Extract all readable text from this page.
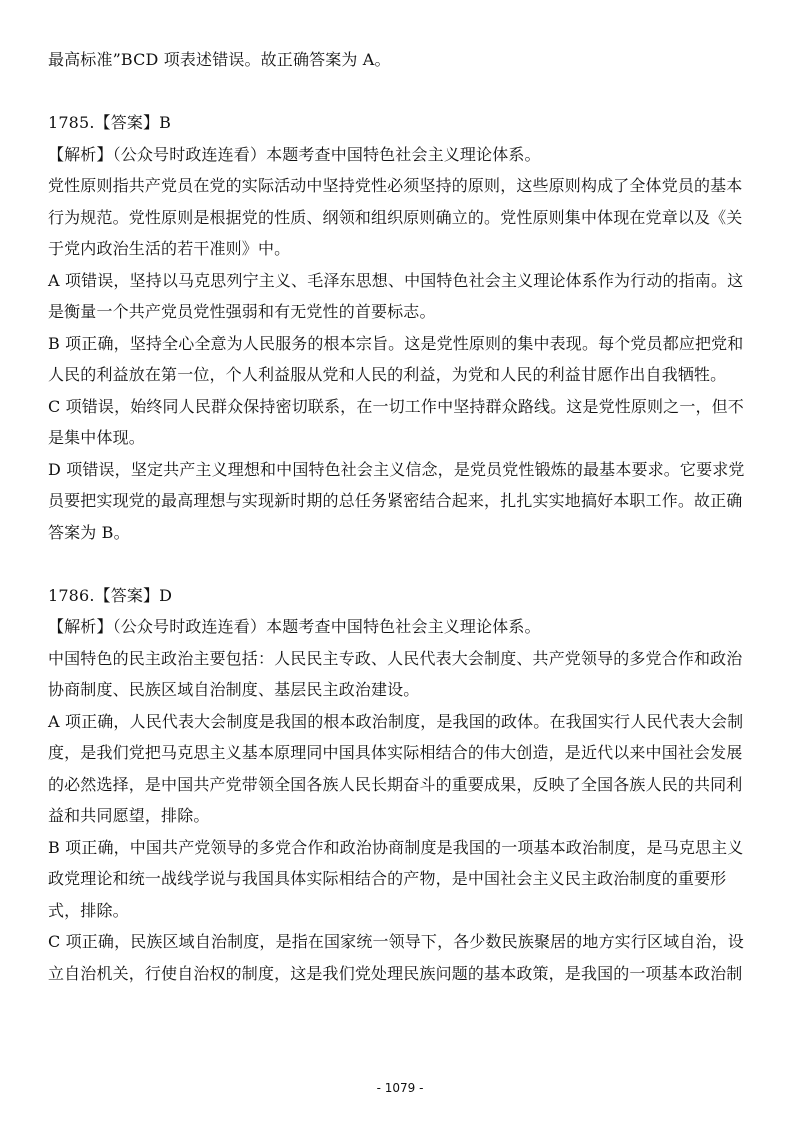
最高标准”BCD 项表述错误。故正确答案为 A。
1785.【答案】B
【解析】（公众号时政连连看）本题考查中国特色社会主义理论体系。
党性原则指共产党员在党的实际活动中坚持党性必须坚持的原则，这些原则构成了全体党员的基本
行为规范。党性原则是根据党的性质、纲领和组织原则确立的。党性原则集中体现在党章以及《关
于党内政治生活的若干准则》中。
A 项错误，坚持以马克思列宁主义、毛泽东思想、中国特色社会主义理论体系作为行动的指南。这
是衡量一个共产党员党性强弱和有无党性的首要标志。
B 项正确，坚持全心全意为人民服务的根本宗旨。这是党性原则的集中表现。每个党员都应把党和
人民的利益放在第一位，个人利益服从党和人民的利益，为党和人民的利益甘愿作出自我牺牲。
C 项错误，始终同人民群众保持密切联系，在一切工作中坚持群众路线。这是党性原则之一，但不
是集中体现。
D 项错误，坚定共产主义理想和中国特色社会主义信念，是党员党性锻炼的最基本要求。它要求党
员要把实现党的最高理想与实现新时期的总任务紧密结合起来，扎扎实实地搞好本职工作。故正确
答案为 B。
1786.【答案】D
【解析】（公众号时政连连看）本题考查中国特色社会主义理论体系。
中国特色的民主政治主要包括：人民民主专政、人民代表大会制度、共产党领导的多党合作和政治
协商制度、民族区域自治制度、基层民主政治建设。
A 项正确，人民代表大会制度是我国的根本政治制度，是我国的政体。在我国实行人民代表大会制
度，是我们党把马克思主义基本原理同中国具体实际相结合的伟大创造，是近代以来中国社会发展
的必然选择，是中国共产党带领全国各族人民长期奋斗的重要成果，反映了全国各族人民的共同利
益和共同愿望，排除。
B 项正确，中国共产党领导的多党合作和政治协商制度是我国的一项基本政治制度，是马克思主义
政党理论和统一战线学说与我国具体实际相结合的产物，是中国社会主义民主政治制度的重要形
式，排除。
C 项正确，民族区域自治制度，是指在国家统一领导下，各少数民族聚居的地方实行区域自治，设
立自治机关，行使自治权的制度，这是我们党处理民族问题的基本政策，是我国的一项基本政治制
- 1079 -
